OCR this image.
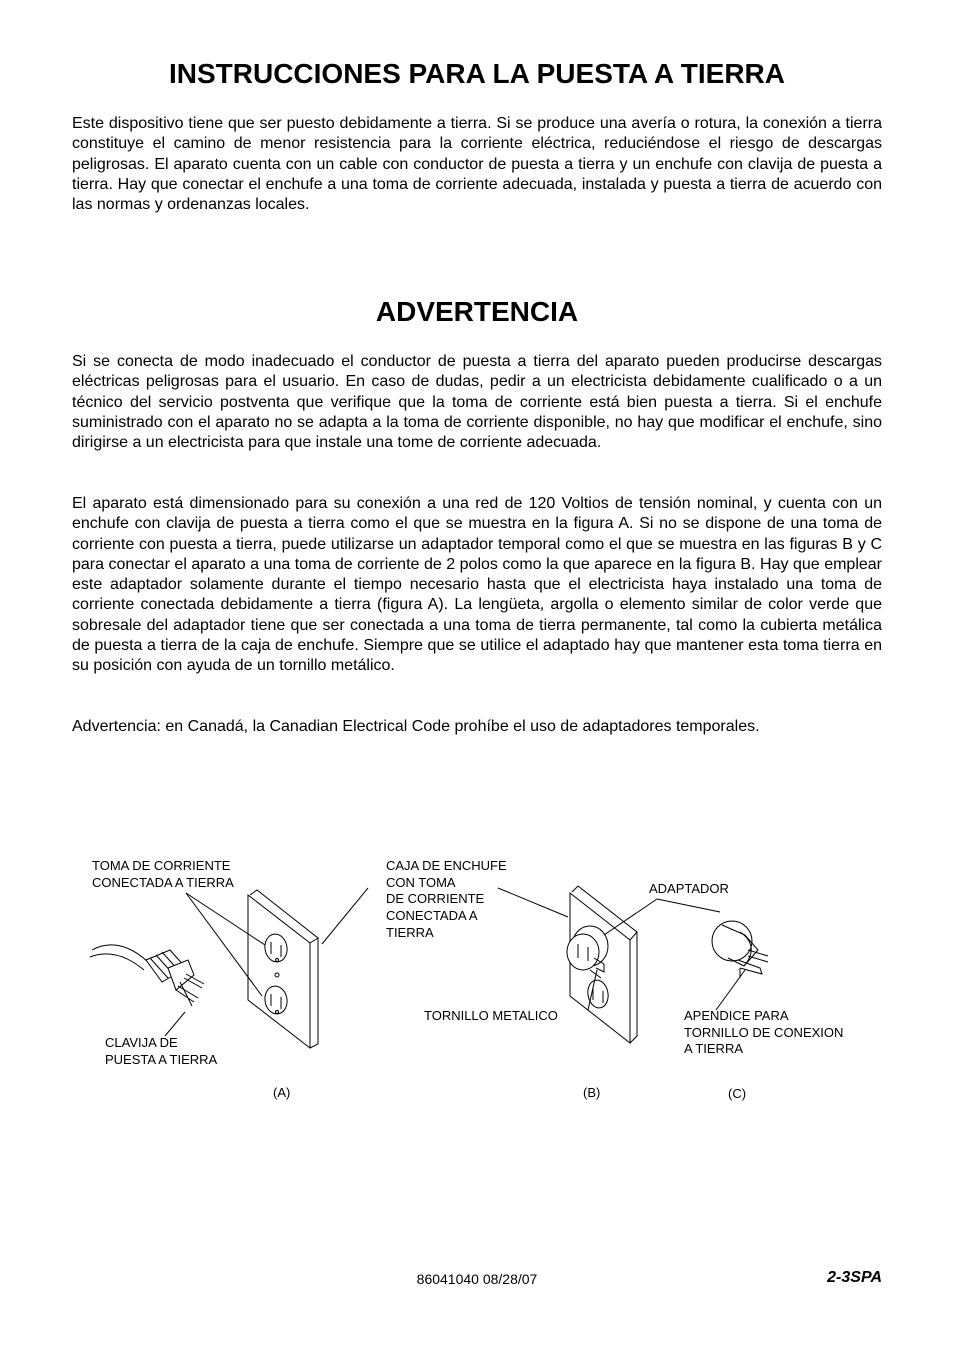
INSTRUCCIONES PARA LA PUESTA A TIERRA

Este dispositivo tiene que ser puesto debidamente a tierra. Si se produce una avería o rotura, la conexión a tierra constituye el camino de menor resistencia para la corriente eléctrica, reduciéndose el riesgo de descargas peligrosas. El aparato cuenta con un cable con conductor de puesta a tierra y un enchufe con clavija de puesta a tierra. Hay que conectar el enchufe a una toma de corriente adecuada, instalada y puesta a tierra de acuerdo con las normas y ordenanzas locales.

ADVERTENCIA

Si se conecta de modo inadecuado el conductor de puesta a tierra del aparato pueden producirse descargas eléctricas peligrosas para el usuario. En caso de dudas, pedir a un electricista debidamente cualificado o a un técnico del servicio postventa que verifique que la toma de corriente está bien puesta a tierra. Si el enchufe suministrado con el aparato no se adapta a la toma de corriente disponible, no hay que modificar el enchufe, sino dirigirse a un electricista para que instale una tome de corriente adecuada.

El aparato está dimensionado para su conexión a una red de 120 Voltios de tensión nominal, y cuenta con un enchufe con clavija de puesta a tierra como el que se muestra en la figura A. Si no se dispone de una toma de corriente con puesta a tierra, puede utilizarse un adaptador temporal como el que se muestra en las figuras B y C para conectar el aparato a una toma de corriente de 2 polos como la que aparece en la figura B. Hay que emplear este adaptador solamente durante el tiempo necesario hasta que el electricista haya instalado una toma de corriente conectada debidamente a tierra (figura A). La lengüeta, argolla o elemento similar de color verde que sobresale del adaptador tiene que ser conectada a una toma de tierra permanente, tal como la cubierta metálica de puesta a tierra de la caja de enchufe. Siempre que se utilice el adaptado hay que mantener esta toma tierra en su posición con ayuda de un tornillo metálico.

Advertencia: en Canadá, la Canadian Electrical Code prohíbe el uso de adaptadores temporales.

TOMA DE CORRIENTE
CONECTADA A TIERRA
CLAVIJA DE
PUESTA A TIERRA
CAJA DE ENCHUFE
CON TOMA
DE CORRIENTE
CONECTADA A
TIERRA
ADAPTADOR
TORNILLO METALICO	APENDICE PARA
TORNILLO DE CONEXION
A TIERRA
(A)	(B)	(C)
86041040 08/28/07	2-3SPA
